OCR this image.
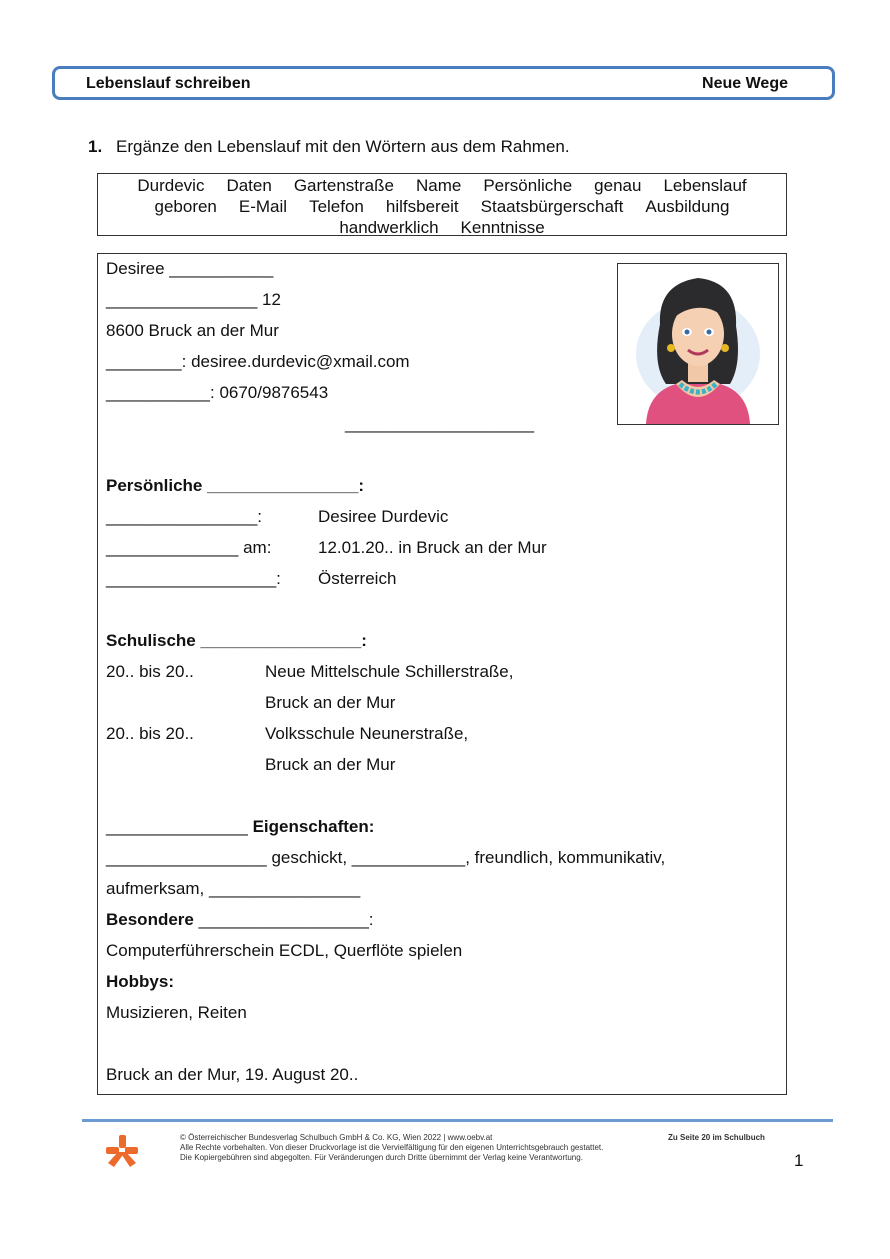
Lebenslauf schreiben	Neue Wege
1. Ergänze den Lebenslauf mit den Wörtern aus dem Rahmen.
Durdevic Daten Gartenstraße Name Persönliche genau Lebenslauf
geboren E-Mail Telefon hilfsbereit Staatsbürgerschaft Ausbildung
handwerklich Kenntnisse
Desiree ___________
________________ 12
8600 Bruck an der Mur
________: desiree.durdevic@xmail.com
___________: 0670/9876543
____________________
Persönliche ________________:
________________:	Desiree Durdevic
______________ am:	12.01.20.. in Bruck an der Mur
__________________: Österreich
Schulische _________________:
20.. bis 20..	Neue Mittelschule Schillerstraße,
Bruck an der Mur
20.. bis 20..	Volksschule Neunerstraße,
Bruck an der Mur
_______________ Eigenschaften:
_________________ geschickt, ____________, freundlich, kommunikativ,
aufmerksam, ________________
Besondere __________________:
Computerführerschein ECDL, Querflöte spielen
Hobbys:
Musizieren, Reiten
Bruck an der Mur, 19. August 20..
© Österreichischer Bundesverlag Schulbuch GmbH & Co. KG, Wien 2022 | www.oebv.at
Alle Rechte vorbehalten. Von dieser Druckvorlage ist die Vervielfältigung für den eigenen Unterrichtsgebrauch gestattet.
Die Kopiergebühren sind abgegolten. Für Veränderungen durch Dritte übernimmt der Verlag keine Verantwortung.
Zu Seite 20 im Schulbuch
1
